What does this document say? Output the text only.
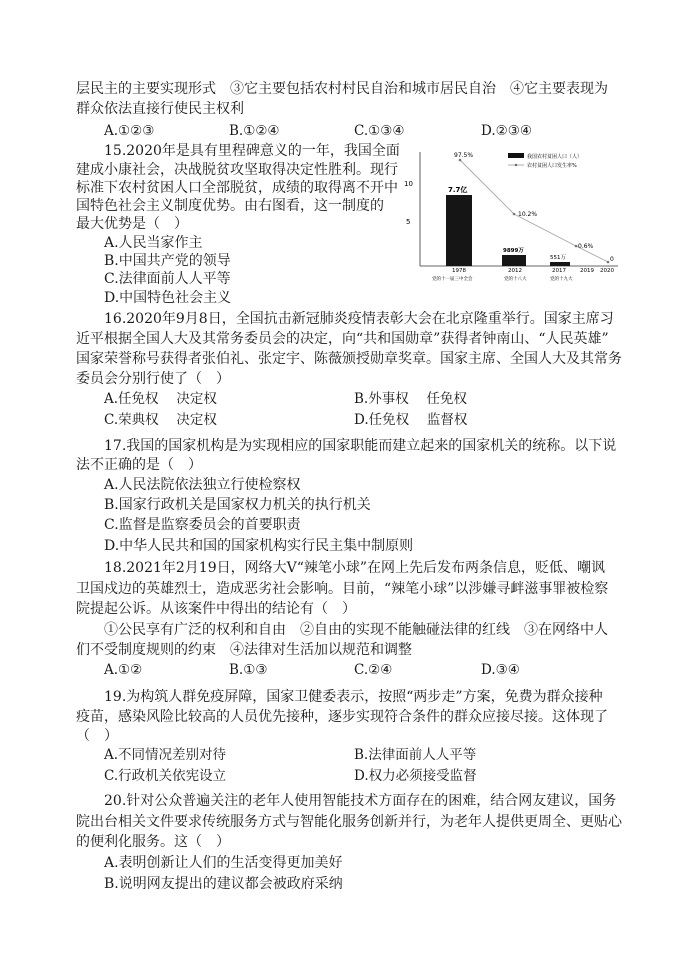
层民主的主要实现形式　③它主要包括农村村民自治和城市居民自治　④它主要表现为
群众依法直接行使民主权利
15.2020年是具有里程碑意义的一年，我国全面
建成小康社会，决战脱贫攻坚取得决定性胜利。现行
标准下农村贫困人口全部脱贫，成绩的取得离不开中
国特色社会主义制度优势。由右图看，这一制度的
最大优势是（　）
A.人民当家作主
B.中国共产党的领导
C.法律面前人人平等
D.中国特色社会主义
16.2020年9月8日，全国抗击新冠肺炎疫情表彰大会在北京隆重举行。国家主席习
近平根据全国人大及其常务委员会的决定，向“共和国勋章”获得者钟南山、“人民英雄”
国家荣誉称号获得者张伯礼、张定宇、陈薇颁授勋章奖章。国家主席、全国人大及其常务
委员会分别行使了（　）
17.我国的国家机构是为实现相应的国家职能而建立起来的国家机关的统称。以下说
法不正确的是（　）
A.人民法院依法独立行使检察权
B.国家行政机关是国家权力机关的执行机关
C.监督是监察委员会的首要职责
D.中华人民共和国的国家机构实行民主集中制原则
18.2021年2月19日，网络大V“辣笔小球”在网上先后发布两条信息，贬低、嘲讽
卫国戍边的英雄烈士，造成恶劣社会影响。目前，“辣笔小球”以涉嫌寻衅滋事罪被检察
院提起公诉。从该案件中得出的结论有（　）
①公民享有广泛的权利和自由　②自由的实现不能触碰法律的红线　③在网络中人
们不受制度规则的约束　④法律对生活加以规范和调整
19.为构筑人群免疫屏障，国家卫健委表示，按照“两步走”方案，免费为群众接种
疫苗，感染风险比较高的人员优先接种，逐步实现符合条件的群众应接尽接。这体现了
（　）
20.针对公众普遍关注的老年人使用智能技术方面存在的困难，结合网友建议，国务
院出台相关文件要求传统服务方式与智能化服务创新并行，为老年人提供更周全、更贴心
的便利化服务。这（　）
A.表明创新让人们的生活变得更加美好
B.说明网友提出的建议都会被政府采纳
A.①②③	B.①②④	C.①③④	D.②③④
A.任免权　 决定权	B.外事权　 任免权
C.荣典权　 决定权	D.任免权　 监督权
A.①②	B.①③	C.②④	D.③④
A.不同情况差别对待	B.法律面前人人平等
C.行政机关依宪设立	D.权力必须接受监督
10
5
我国农村贫困人口（人）
农村贫困人口发生率%
7.7亿
9899万
551万
97.5%
10.2%
0.6%
0
1978	2012	2017	2019 2020
党的十一届三中全会	党的十八大	党的十九大
